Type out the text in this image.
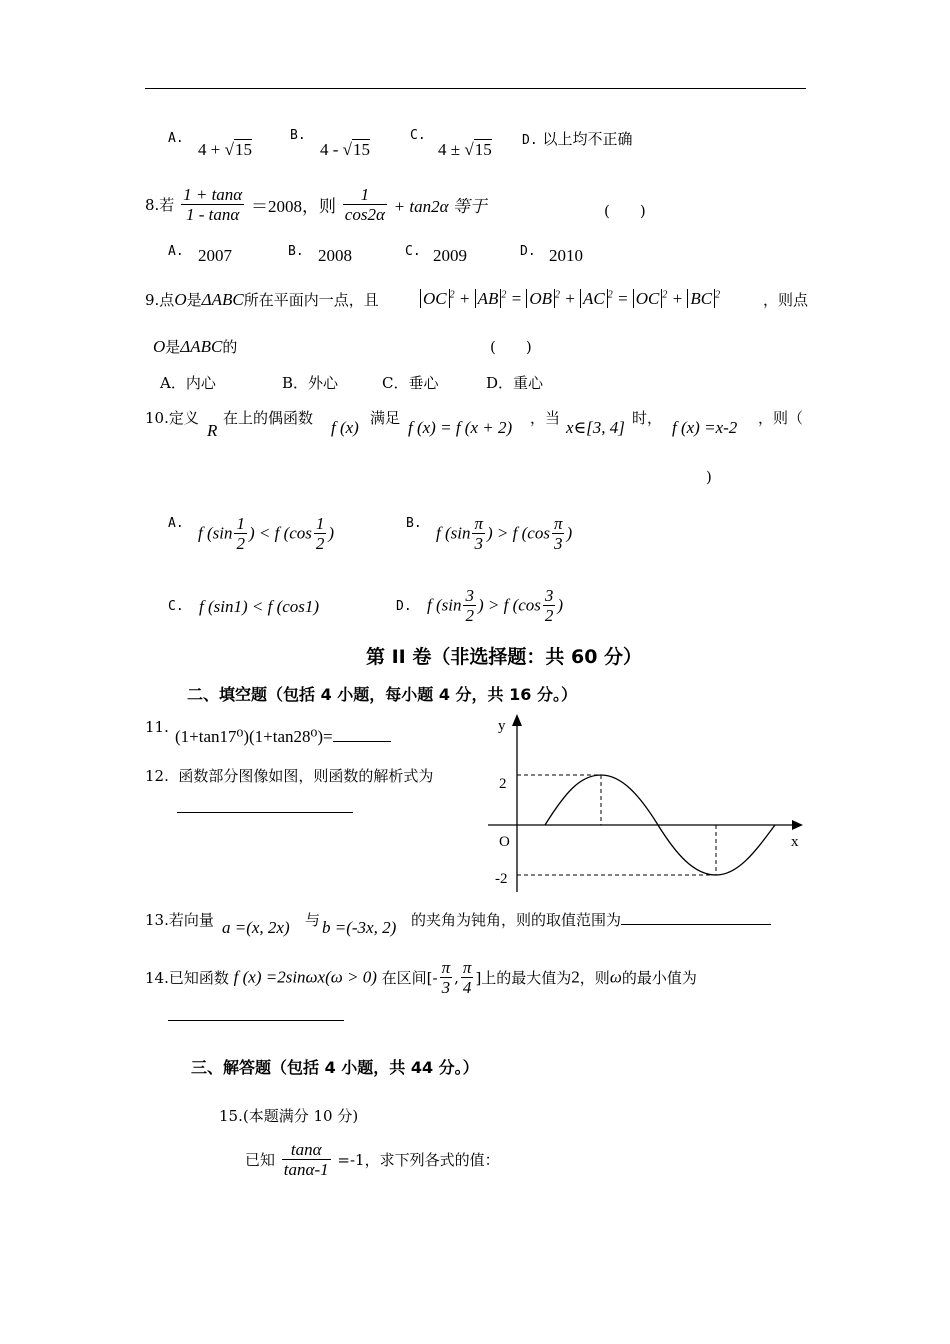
A.
4 + √15
B.
4 - √15
C.
4 ± √15 D. 以上均不正确
8.若 $\frac{1 + \tan\alpha}{1 - \tan\alpha} =2008$，则 $\frac{1}{\cos 2\alpha} + \tan 2\alpha$ 等于	(　　)
A. 2007	B. 2008	C. 2009	D. 2010
9.点O是ΔABC所在平面内一点，且	OC $^2$ + AB $^2$ = OB $^2$ + AC $^2$ = OC $^2$ + BC $^2$	，则点
O是ΔABC的	(　　)
A．内心	B．外心	C．垂心	D．重心
10.定义
R
在上的偶函数 f (x) 满足 f (x) = f (x + 2) ，当 x∈[3, 4] 时， f (x) =x-2 ，则（
)
A. f ($\sin \frac{1}{2}$ ) < f ($\cos \frac{1}{2}$ )	B. f ($\sin \frac{\pi}{3}$ ) > f ($\cos \frac{\pi}{3}$ )
C. f (sin1) < f (cos1)	D. f ($\sin \frac{3}{2}$ ) > f ($\cos \frac{3}{2}$ )
第 II 卷（非选择题：共 60 分）
二、填空题（包括 4 小题，每小题 4 分，共 16 分。）
11. (1+tan17⁰)(1+tan28⁰)=
12. 函数部分图像如图，则函数的解析式为
y
x
O
2
-2
13.若向量 a =(x, 2x) 与 b =(-3x, 2) 的夹角为钝角，则的取值范围为
14.已知函数 f (x) =2sinωx(ω > 0) 在区间[- $\frac{\pi}{3}$ , $\frac{\pi}{4}$ ]上的最大值为2，则ω的最小值为
三、解答题（包括 4 小题，共 44 分。）
15.(本题满分 10 分)
已知 $\frac{\tan\alpha}{\tan\alpha-1} =-1$，求下列各式的值：
